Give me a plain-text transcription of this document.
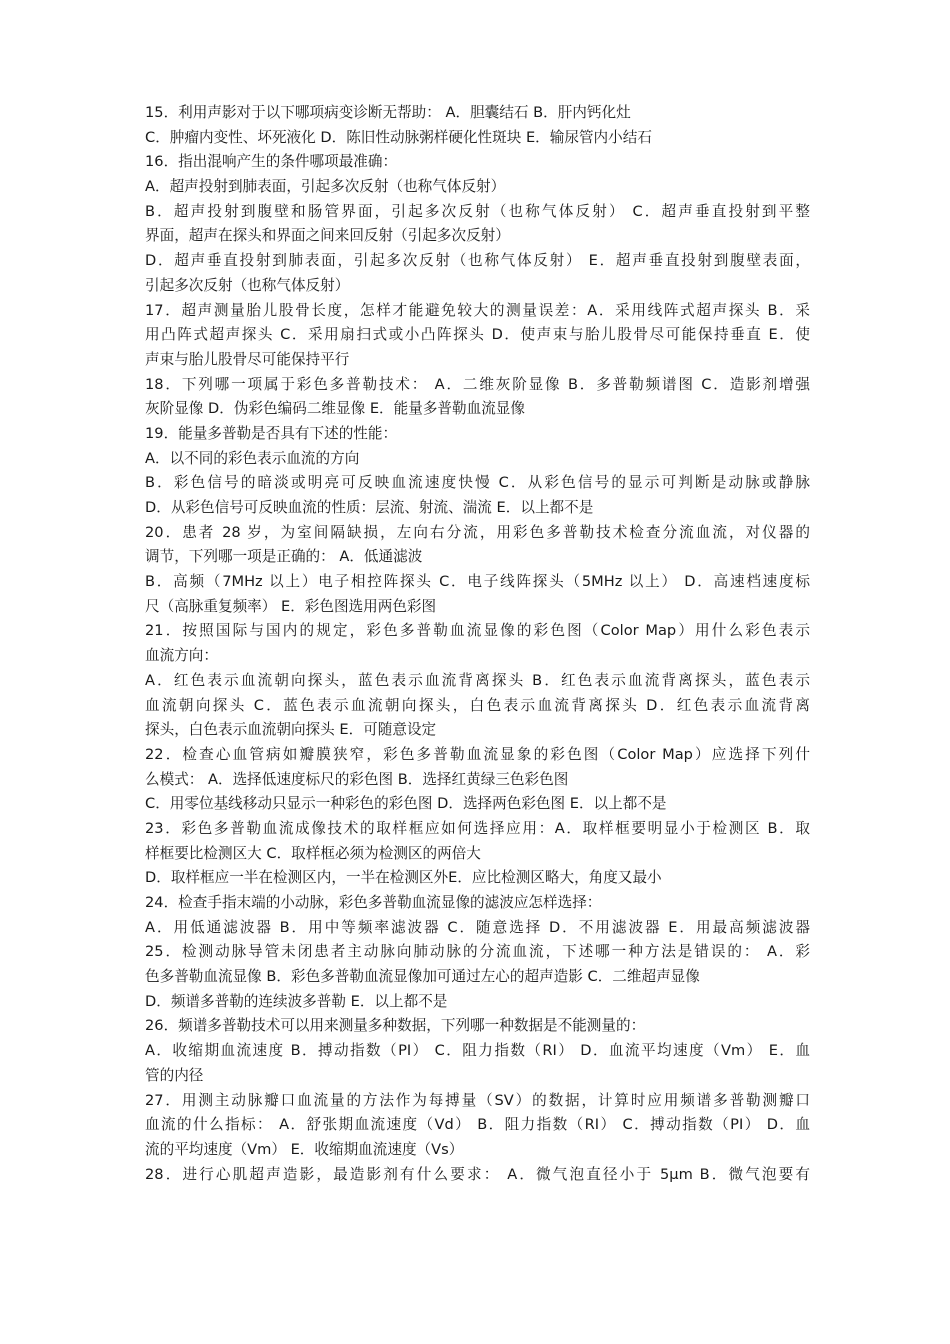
15．利用声影对于以下哪项病变诊断无帮助： A．胆囊结石 B．肝内钙化灶
C．肿瘤内变性、坏死液化 D．陈旧性动脉粥样硬化性斑块 E．输尿管内小结石
16．指出混响产生的条件哪项最准确：
A．超声投射到肺表面，引起多次反射（也称气体反射）
B．超声投射到腹壁和肠管界面，引起多次反射（也称气体反射） C．超声垂直投射到平整
界面，超声在探头和界面之间来回反射（引起多次反射）
D．超声垂直投射到肺表面，引起多次反射（也称气体反射） E．超声垂直投射到腹壁表面，
引起多次反射（也称气体反射）
17．超声测量胎儿股骨长度，怎样才能避免较大的测量误差：A．采用线阵式超声探头 B．采
用凸阵式超声探头 C．采用扇扫式或小凸阵探头 D．使声束与胎儿股骨尽可能保持垂直 E．使
声束与胎儿股骨尽可能保持平行
18．下列哪一项属于彩色多普勒技术： A．二维灰阶显像 B．多普勒频谱图 C．造影剂增强
灰阶显像 D．伪彩色编码二维显像 E．能量多普勒血流显像
19．能量多普勒是否具有下述的性能：
A．以不同的彩色表示血流的方向
B．彩色信号的暗淡或明亮可反映血流速度快慢 C．从彩色信号的显示可判断是动脉或静脉
D．从彩色信号可反映血流的性质：层流、射流、湍流 E．以上都不是
20．患者 28 岁，为室间隔缺损，左向右分流，用彩色多普勒技术检查分流血流，对仪器的
调节，下列哪一项是正确的： A．低通滤波
B．高频（7MHz 以上）电子相控阵探头 C．电子线阵探头（5MHz 以上） D．高速档速度标
尺（高脉重复频率） E．彩色图选用两色彩图
21．按照国际与国内的规定，彩色多普勒血流显像的彩色图（Color Map）用什么彩色表示
血流方向：
A．红色表示血流朝向探头，蓝色表示血流背离探头 B．红色表示血流背离探头，蓝色表示
血流朝向探头 C．蓝色表示血流朝向探头，白色表示血流背离探头 D．红色表示血流背离
探头，白色表示血流朝向探头 E．可随意设定
22．检查心血管病如瓣膜狭窄，彩色多普勒血流显象的彩色图（Color Map）应选择下列什
么模式： A．选择低速度标尺的彩色图 B．选择红黄绿三色彩色图
C．用零位基线移动只显示一种彩色的彩色图 D．选择两色彩色图 E．以上都不是
23．彩色多普勒血流成像技术的取样框应如何选择应用：A．取样框要明显小于检测区 B．取
样框要比检测区大 C．取样框必须为检测区的两倍大
D．取样框应一半在检测区内，一半在检测区外E．应比检测区略大，角度又最小
24．检查手指末端的小动脉，彩色多普勒血流显像的滤波应怎样选择：
A．用低通滤波器 B．用中等频率滤波器 C．随意选择 D．不用滤波器 E．用最高频滤波器
25．检测动脉导管未闭患者主动脉向肺动脉的分流血流，下述哪一种方法是错误的： A．彩
色多普勒血流显像 B．彩色多普勒血流显像加可通过左心的超声造影 C．二维超声显像
D．频谱多普勒的连续波多普勒 E．以上都不是
26．频谱多普勒技术可以用来测量多种数据，下列哪一种数据是不能测量的：
A．收缩期血流速度 B．搏动指数（PI） C．阻力指数（RI） D．血流平均速度（Vm） E．血
管的内径
27．用测主动脉瓣口血流量的方法作为每搏量（SV）的数据，计算时应用频谱多普勒测瓣口
血流的什么指标： A．舒张期血流速度（Vd） B．阻力指数（RI） C．搏动指数（PI） D．血
流的平均速度（Vm） E．收缩期血流速度（Vs）
28．进行心肌超声造影，最造影剂有什么要求： A．微气泡直径小于 5μm B．微气泡要有
